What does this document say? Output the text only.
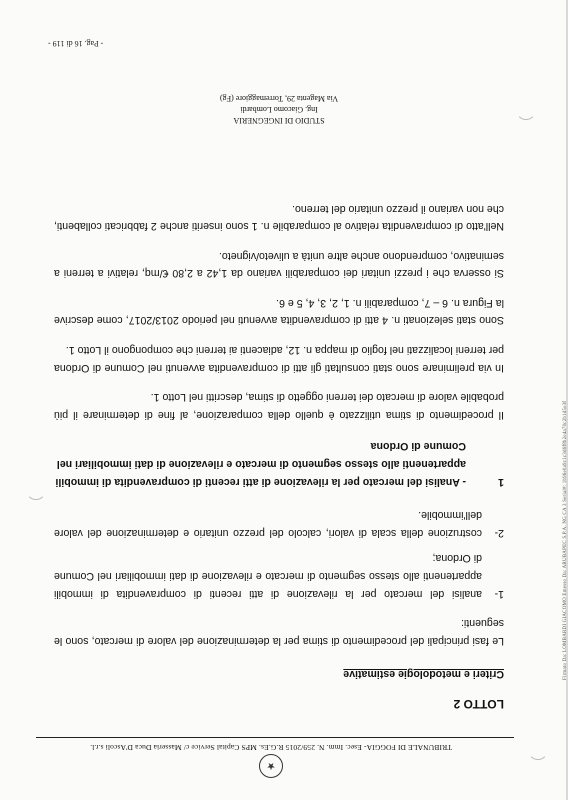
★
TRIBUNALE DI FOGGIA- Esec. Imm. N. 259/2015 R.G.Es. MPS Capital Service c/ Masseria Duca D'Ascoli s.r.l.
LOTTO 2
Criteri e metodologie estimative

Le fasi principali del procedimento di stima per la determinazione del valore di mercato, sono le seguenti:

1-
analisi del mercato per la rilevazione di atti recenti di compravendita di immobili appartenenti allo stesso segmento di mercato e rilevazione di dati immobiliari nel Comune di Ordona;
2-
costruzione della scala di valori, calcolo del prezzo unitario e determinazione del valore dell'immobile.
1
- Analisi del mercato per la rilevazione di atti recenti di compravendita di immobili appartenenti allo stesso segmento di mercato e rilevazione di dati immobiliari nel Comune di Ordona

Il procedimento di stima utilizzato è quello della comparazione, al fine di determinare il più probabile valore di mercato dei terreni oggetto di stima, descritti nel Lotto 1.

In via preliminare sono stati consultati gli atti di compravendita avvenuti nel Comune di Ordona per terreni localizzati nel foglio di mappa n. 12, adiacenti ai terreni che compongono il Lotto 1.

Sono stati selezionati n. 4 atti di compravendita avvenuti nel periodo 2013/2017, come descrive la Figura n. 6 – 7, comparabili n. 1, 2, 3, 4, 5 e 6.

Si osserva che i prezzi unitari dei comparabili variano da 1,42 a 2,80 €/mq, relativi a terreni a seminativo, comprendono anche altre unità a uliveto/vigneto.

Nell'atto di compravendita relativo al comparabile n. 1 sono inseriti anche 2 fabbricati collabenti, che non variano il prezzo unitario del terreno.

STUDIO DI INGEGNERIA
Ing. Giacomo Lombardi
Via Magenta 29, Torremaggiore (Fg)
- Pag. 16 di 119 -
Firmato Da: LOMBARDI GIACOMO Emesso Da: ARUBAPEC S.P.A. NG CA 3 Serial#: 1b96e0a9c1c3d6f8b2e4a70c2b1d5e3f
